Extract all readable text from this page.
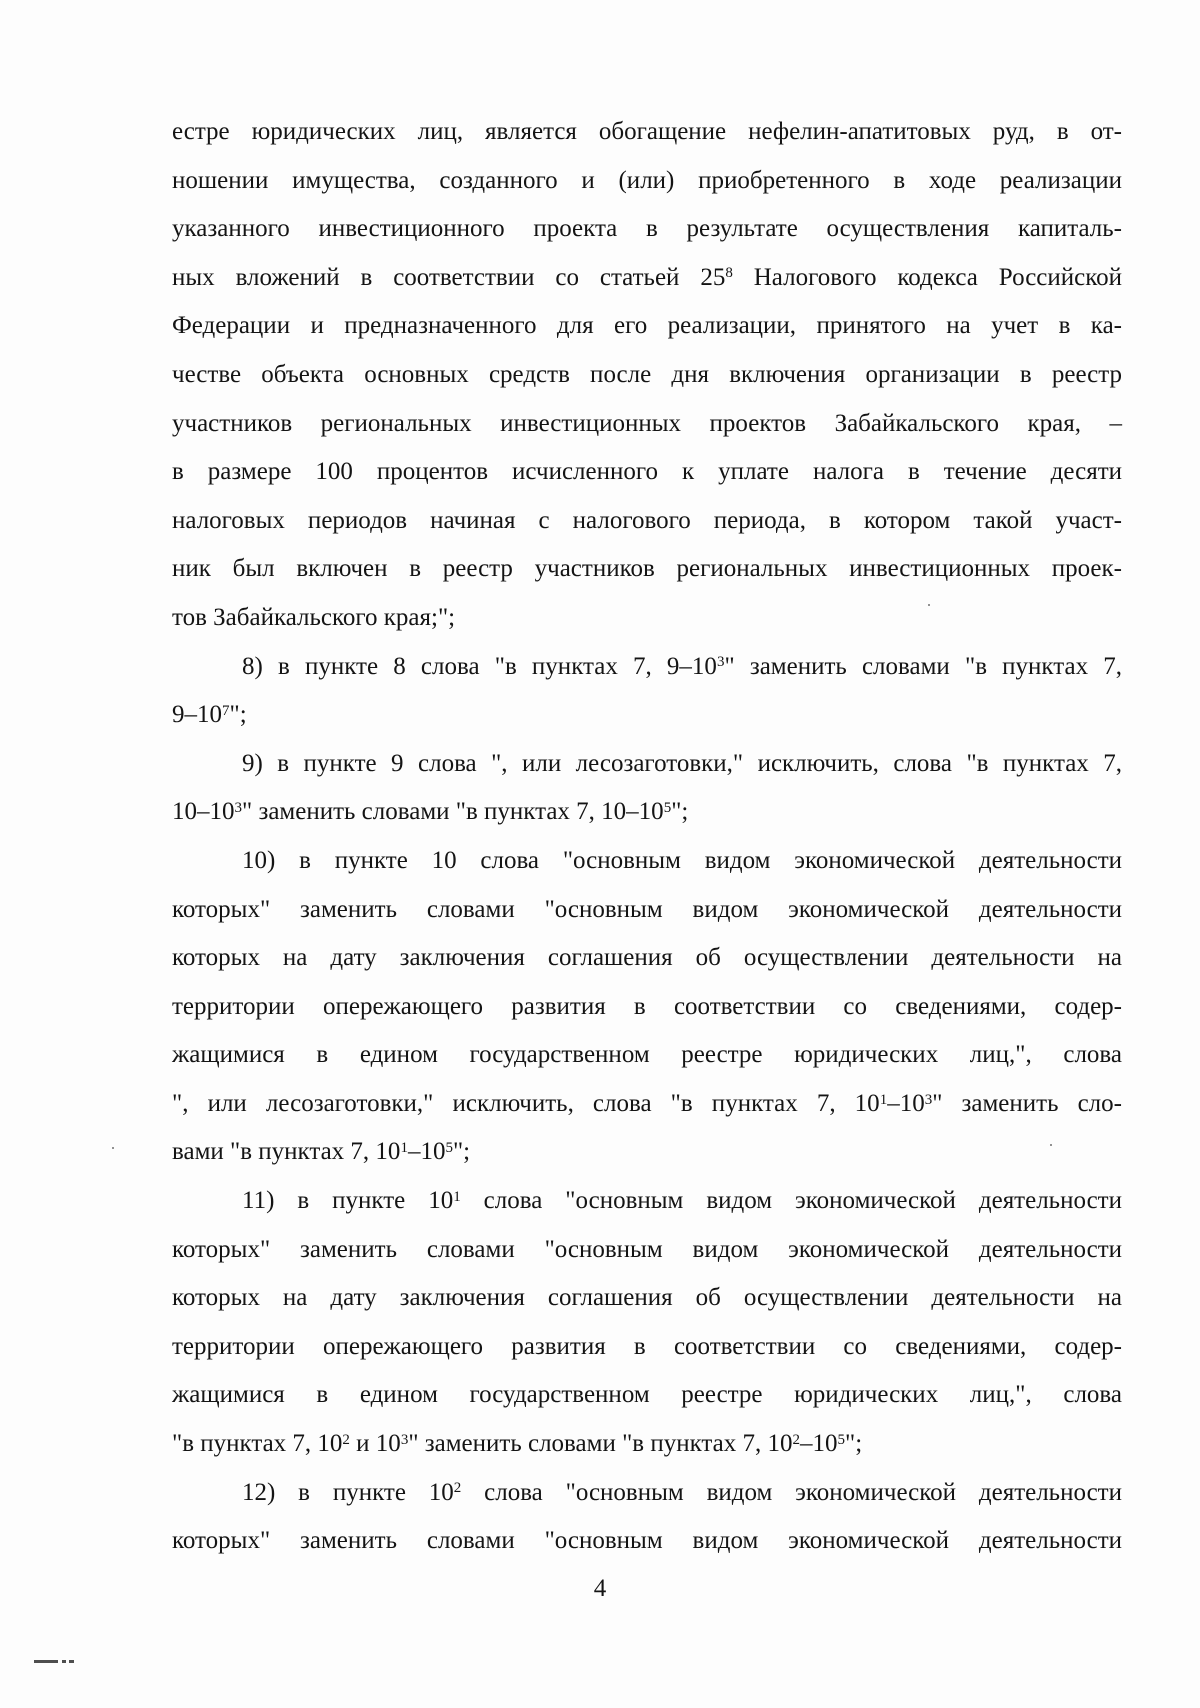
естре юридических лиц, является обогащение нефелин-апатитовых руд, в от-
ношении имущества, созданного и (или) приобретенного в ходе реализации
указанного инвестиционного проекта в результате осуществления капиталь-
ных вложений в соответствии со статьей $25^8$ Налогового кодекса Российской
Федерации и предназначенного для его реализации, принятого на учет в ка-
честве объекта основных средств после дня включения организации в реестр
участников региональных инвестиционных проектов Забайкальского края, –
в размере 100 процентов исчисленного к уплате налога в течение десяти
налоговых периодов начиная с налогового периода, в котором такой участ-
ник был включен в реестр участников региональных инвестиционных проек-
тов Забайкальского края;";

8) в пункте 8 слова "в пунктах 7, $9-10^3$" заменить словами "в пунктах 7,
$9-10^7$";

9) в пункте 9 слова ", или лесозаготовки," исключить, слова "в пунктах 7,
$10-10^3$" заменить словами "в пунктах 7, $10-10^5$";

10) в пункте 10 слова "основным видом экономической деятельности
которых" заменить словами "основным видом экономической деятельности
которых на дату заключения соглашения об осуществлении деятельности на
территории опережающего развития в соответствии со сведениями, содер-
жащимися в едином государственном реестре юридических лиц,", слова
", или лесозаготовки," исключить, слова "в пунктах 7, $10^1-10^3$" заменить сло-
вами "в пунктах 7, $10^1-10^5$";

11) в пункте $10^1$ слова "основным видом экономической деятельности
которых" заменить словами "основным видом экономической деятельности
которых на дату заключения соглашения об осуществлении деятельности на
территории опережающего развития в соответствии со сведениями, содер-
жащимися в едином государственном реестре юридических лиц,", слова
"в пунктах 7, $10^2$ и $10^3$" заменить словами "в пунктах 7, $10^2-10^5$";

12) в пункте $10^2$ слова "основным видом экономической деятельности
которых" заменить словами "основным видом экономической деятельности

4
